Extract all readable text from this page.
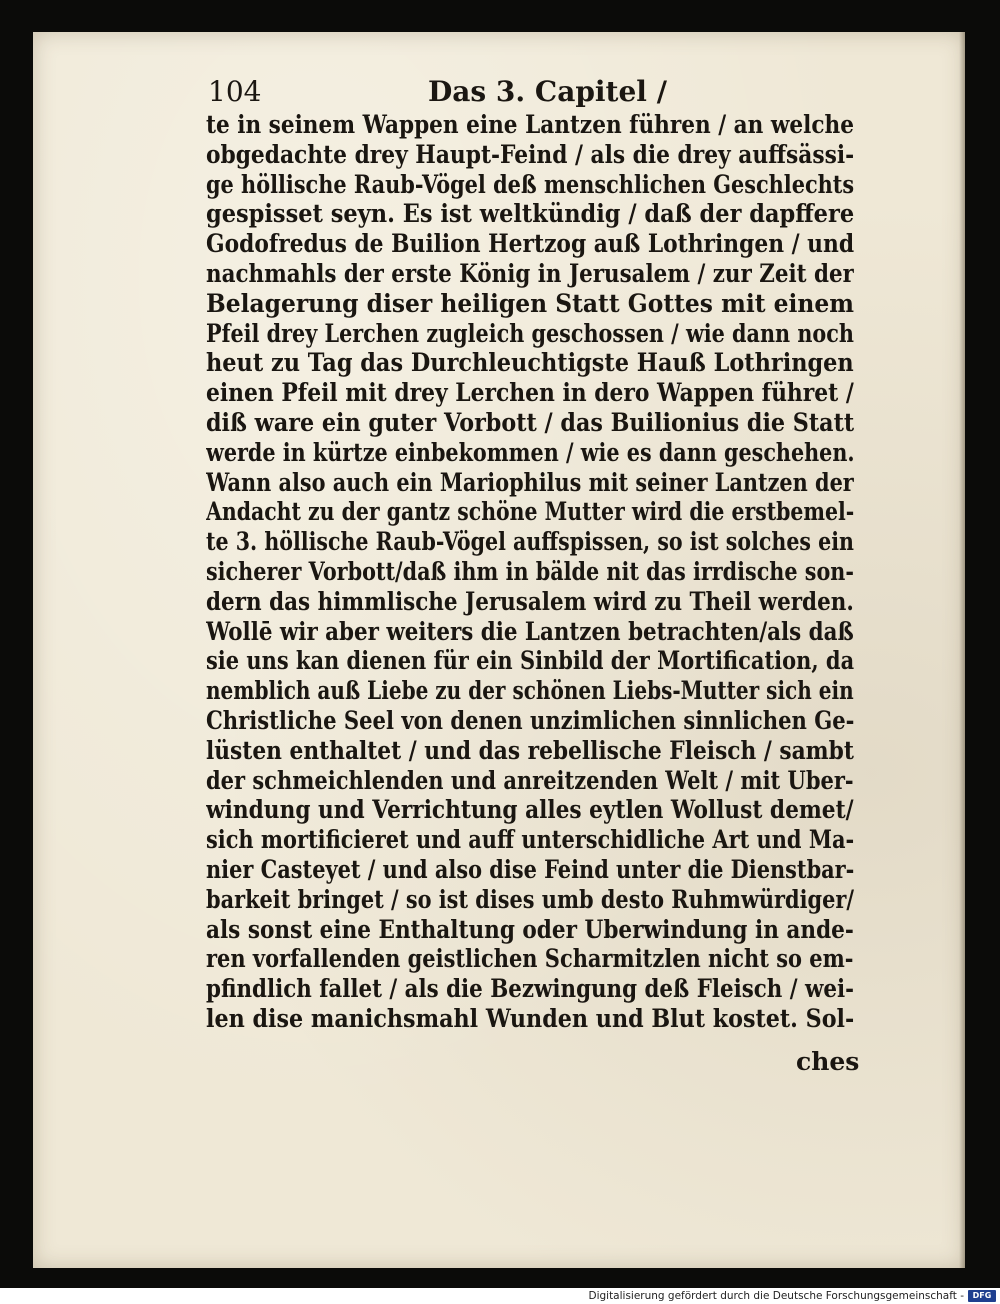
104	Das 3. Capitel /
te in seinem Wappen eine Lantzen führen / an welche
obgedachte drey Haupt-Feind / als die drey auffsässi-
ge höllische Raub-Vögel deß menschlichen Geschlechts
gespisset seyn. Es ist weltkündig / daß der dapffere
Godofredus de Builion Hertzog auß Lothringen / und
nachmahls der erste König in Jerusalem / zur Zeit der
Belagerung diser heiligen Statt Gottes mit einem
Pfeil drey Lerchen zugleich geschossen / wie dann noch
heut zu Tag das Durchleuchtigste Hauß Lothringen
einen Pfeil mit drey Lerchen in dero Wappen führet /
diß ware ein guter Vorbott / das Builionius die Statt
werde in kürtze einbekommen / wie es dann geschehen.
Wann also auch ein Mariophilus mit seiner Lantzen der
Andacht zu der gantz schöne Mutter wird die erstbemel-
te 3. höllische Raub-Vögel auffspissen, so ist solches ein
sicherer Vorbott/daß ihm in bälde nit das irrdische son-
dern das himmlische Jerusalem wird zu Theil werden.
Wollē wir aber weiters die Lantzen betrachten/als daß
sie uns kan dienen für ein Sinbild der Mortification, da
nemblich auß Liebe zu der schönen Liebs-Mutter sich ein
Christliche Seel von denen unzimlichen sinnlichen Ge-
lüsten enthaltet / und das rebellische Fleisch / sambt
der schmeichlenden und anreitzenden Welt / mit Uber-
windung und Verrichtung alles eytlen Wollust demet/
sich mortificieret und auff unterschidliche Art und Ma-
nier Casteyet / und also dise Feind unter die Dienstbar-
barkeit bringet / so ist dises umb desto Ruhmwürdiger/
als sonst eine Enthaltung oder Uberwindung in ande-
ren vorfallenden geistlichen Scharmitzlen nicht so em-
pfindlich fallet / als die Bezwingung deß Fleisch / wei-
len dise manichsmahl Wunden und Blut kostet. Sol-
ches
Digitalisierung gefördert durch die Deutsche Forschungsgemeinschaft -	DFG
